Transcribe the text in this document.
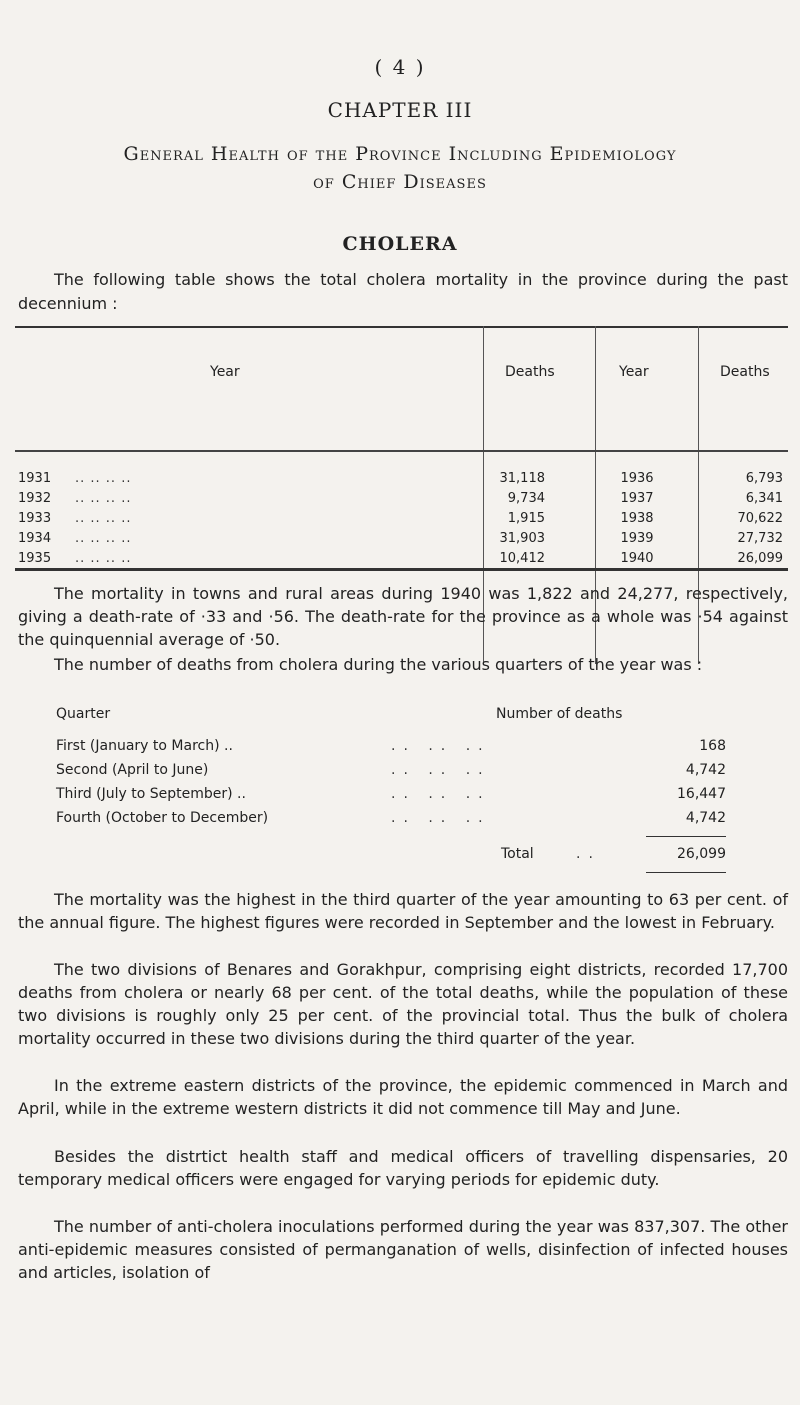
( 4 )
CHAPTER III
General Health of the Province Including Epidemiology
of Chief Diseases
CHOLERA
The following table shows the total cholera mortality in the province during the past decennium :
Year	Deaths	Year	Deaths
1931 .. .. .. ..	31,118	1936	6,793
1932 .. .. .. ..	9,734	1937	6,341
1933 .. .. .. ..	1,915	1938	70,622
1934 .. .. .. ..	31,903	1939	27,732
1935 .. .. .. ..	10,412	1940	26,099
The mortality in towns and rural areas during 1940 was 1,822 and 24,277, respectively, giving a death-rate of ·33 and ·56. The death-rate for the province as a whole was ·54 against the quinquennial average of ·50.
The number of deaths from cholera during the various quarters of the year was :
Quarter	Number of deaths
First (January to March) ..	.. .. ..	168
Second (April to June)	.. .. ..	4,742
Third (July to September) ..	.. .. ..	16,447
Fourth (October to December)	.. .. ..	4,742
Total	..	26,099
The mortality was the highest in the third quarter of the year amounting to 63 per cent. of the annual figure. The highest figures were recorded in September and the lowest in February.
The two divisions of Benares and Gorakhpur, comprising eight districts, recorded 17,700 deaths from cholera or nearly 68 per cent. of the total deaths, while the population of these two divisions is roughly only 25 per cent. of the provincial total. Thus the bulk of cholera mortality occurred in these two divisions during the third quarter of the year.
In the extreme eastern districts of the province, the epidemic commenced in March and April, while in the extreme western districts it did not commence till May and June.
Besides the distrtict health staff and medical officers of travelling dispensaries, 20 temporary medical officers were engaged for varying periods for epidemic duty.
The number of anti-cholera inoculations performed during the year was 837,307. The other anti-epidemic measures consisted of permanganation of wells, disinfection of infected houses and articles, isolation of
